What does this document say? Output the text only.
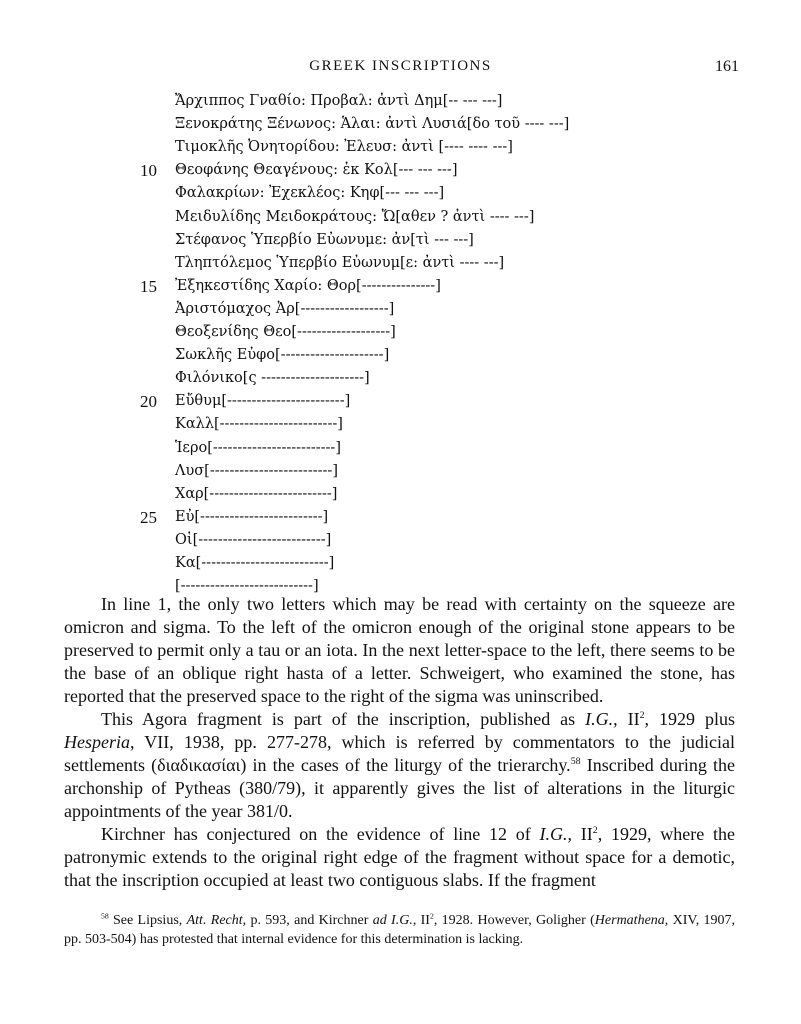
GREEK INSCRIPTIONS	161
Ἄρχιππος Γναθίο: Προβαλ: ἀντὶ Δημ[-- --- ---]
Ξενοκράτης Ξένωνος: Ἁλαι: ἀντὶ Λυσιά[δο τοῦ ---- ---]
Τιμοκλῆς Ὀνητορίδου: Ἐλευσ: ἀντὶ [---- ---- ---]
10	Θεοφάνης Θεαγένους: ἐκ Κολ[--- --- ---]
Φαλακρίων: Ἐχεκλέος: Κηφ[--- --- ---]
Μειδυλίδης Μειδοκράτους: Ὤ[αθεν ? ἀντὶ ---- ---]
Στέφανος Ὑπερβίο Εὐωνυμε: ἀν[τὶ --- ---]
Τληπτόλεμος Ὑπερβίο Εὐωνυμ[ε: ἀντὶ ---- ---]
15	Ἐξηκεστίδης Χαρίο: Θορ[---------------]
Ἀριστόμαχος Ἀρ[------------------]
Θεοξενίδης Θεο[-------------------]
Σωκλῆς Εὐφο[---------------------]
Φιλόνικο[ς ---------------------]
20	Εὔθυμ[------------------------]
Καλλ[------------------------]
Ἱερο[-------------------------]
Λυσ[-------------------------]
Χαρ[-------------------------]
25	Εὐ[-------------------------]
Οἱ[--------------------------]
Κα[--------------------------]
[---------------------------]

In line 1, the only two letters which may be read with certainty on the squeeze are omicron and sigma. To the left of the omicron enough of the original stone appears to be preserved to permit only a tau or an iota. In the next letter-space to the left, there seems to be the base of an oblique right hasta of a letter. Schweigert, who examined the stone, has reported that the preserved space to the right of the sigma was uninscribed.

This Agora fragment is part of the inscription, published as I.G., $II^2$, 1929 plus Hesperia, VII, 1938, pp. 277-278, which is referred by commentators to the judicial settlements (διαδικασίαι) in the cases of the liturgy of the trierarchy.$^{58}$ Inscribed during the archonship of Pytheas (380/79), it apparently gives the list of alterations in the liturgic appointments of the year 381/0.

Kirchner has conjectured on the evidence of line 12 of I.G., $II^2$, 1929, where the patronymic extends to the original right edge of the fragment without space for a demotic, that the inscription occupied at least two contiguous slabs. If the fragment

$^{58}$ See Lipsius, Att. Recht, p. 593, and Kirchner ad I.G., $II^2$, 1928. However, Goligher (Hermathena, XIV, 1907, pp. 503-504) has protested that internal evidence for this determination is lacking.
